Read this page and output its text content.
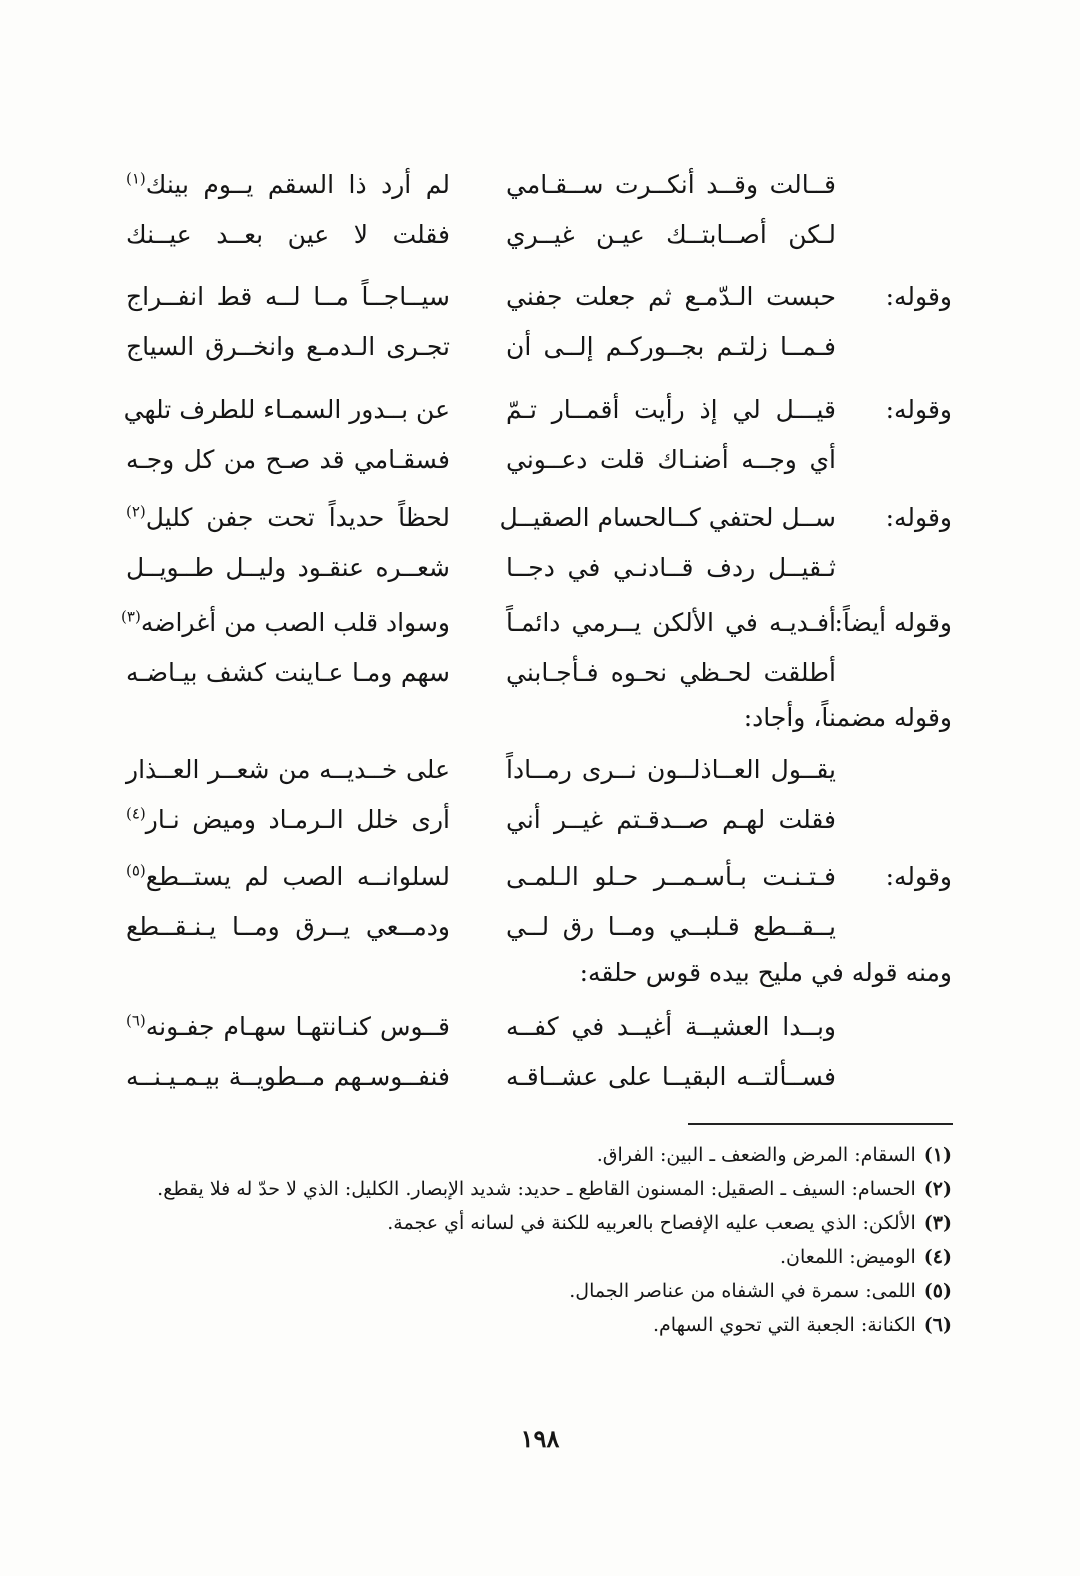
قــالت وقــد أنكــرت ســقـامي
لـكن أصــابتــك عيـن غيــري
لم أرد ذا السقم يــوم بينك$^{(١)}$
فقلت لا عين بعــد عيــنك
وقوله:
حبست الـدّمـع ثم جعلت جفني
فـمــا زلتـم بجــوركـم إلــى أن
سيــاجــاً مــا لــه قط انفــراج
تجـرى الـدمـع وانخــرق السياج
وقوله:
قيـــل لي إذ رأيت أقمــار تـمّ
أي وجــه أضنـاك قلت دعــوني
عن بــدور السمـاء للطرف تلهي
فسقـامي قد صـح من كل وجـه
وقوله:
ســل لحتفي كــالحسام الصقيــل
ثـقيــل ردف قــادنـي في دجــا
لحظاً حديداً تحت جفن كليل$^{(٢)}$
شعــره عنقـود وليــل طــويــل
وقوله أيضاً:
أفـديـه في الألكن يــرمي دائمـاً
أطلقت لحـظي نحـوه فـأجـابني
وسواد قلب الصب من أغراضه$^{(٣)}$
سهم ومـا عـاينت كشف بيـاضـه
وقوله مضمناً، وأجاد:
يقــول العــاذلــون نــرى رمــاداً
فقلت لهـم صــدقـتم غيــر أني
على خــديــه من شعــر العــذار
أرى خلل الـرمـاد وميض نـار$^{(٤)}$
وقوله:
فـتـنـت بـأسـمــر حـلو الـلمـى
يــقــطع قـلبــي ومــا رق لــي
لسلوانــه الصب لم يستــطع$^{(٥)}$
ودمــعي يــرق ومــا يـنـقــطع
ومنه قوله في مليح بيده قوس حلقه:
وبــدا العشيــة أغيــد في كفــه
فســألتــه البقيــا على عشــاقـه
قــوس كنـانتهـا سهـام جفـونه$^{(٦)}$
فنفــوسـهم مــطويــة بيـمـيـنــه
(١)السقام: المرض والضعف ـ البين: الفراق.
(٢)الحسام: السيف ـ الصقيل: المسنون القاطع ـ حديد: شديد الإبصار. الكليل: الذي لا حدّ له فلا يقطع.
(٣)الألكن: الذي يصعب عليه الإفصاح بالعربيه للكنة في لسانه أي عجمة.
(٤)الوميض: اللمعان.
(٥)اللمى: سمرة في الشفاه من عناصر الجمال.
(٦)الكنانة: الجعبة التي تحوي السهام.
١٩٨
